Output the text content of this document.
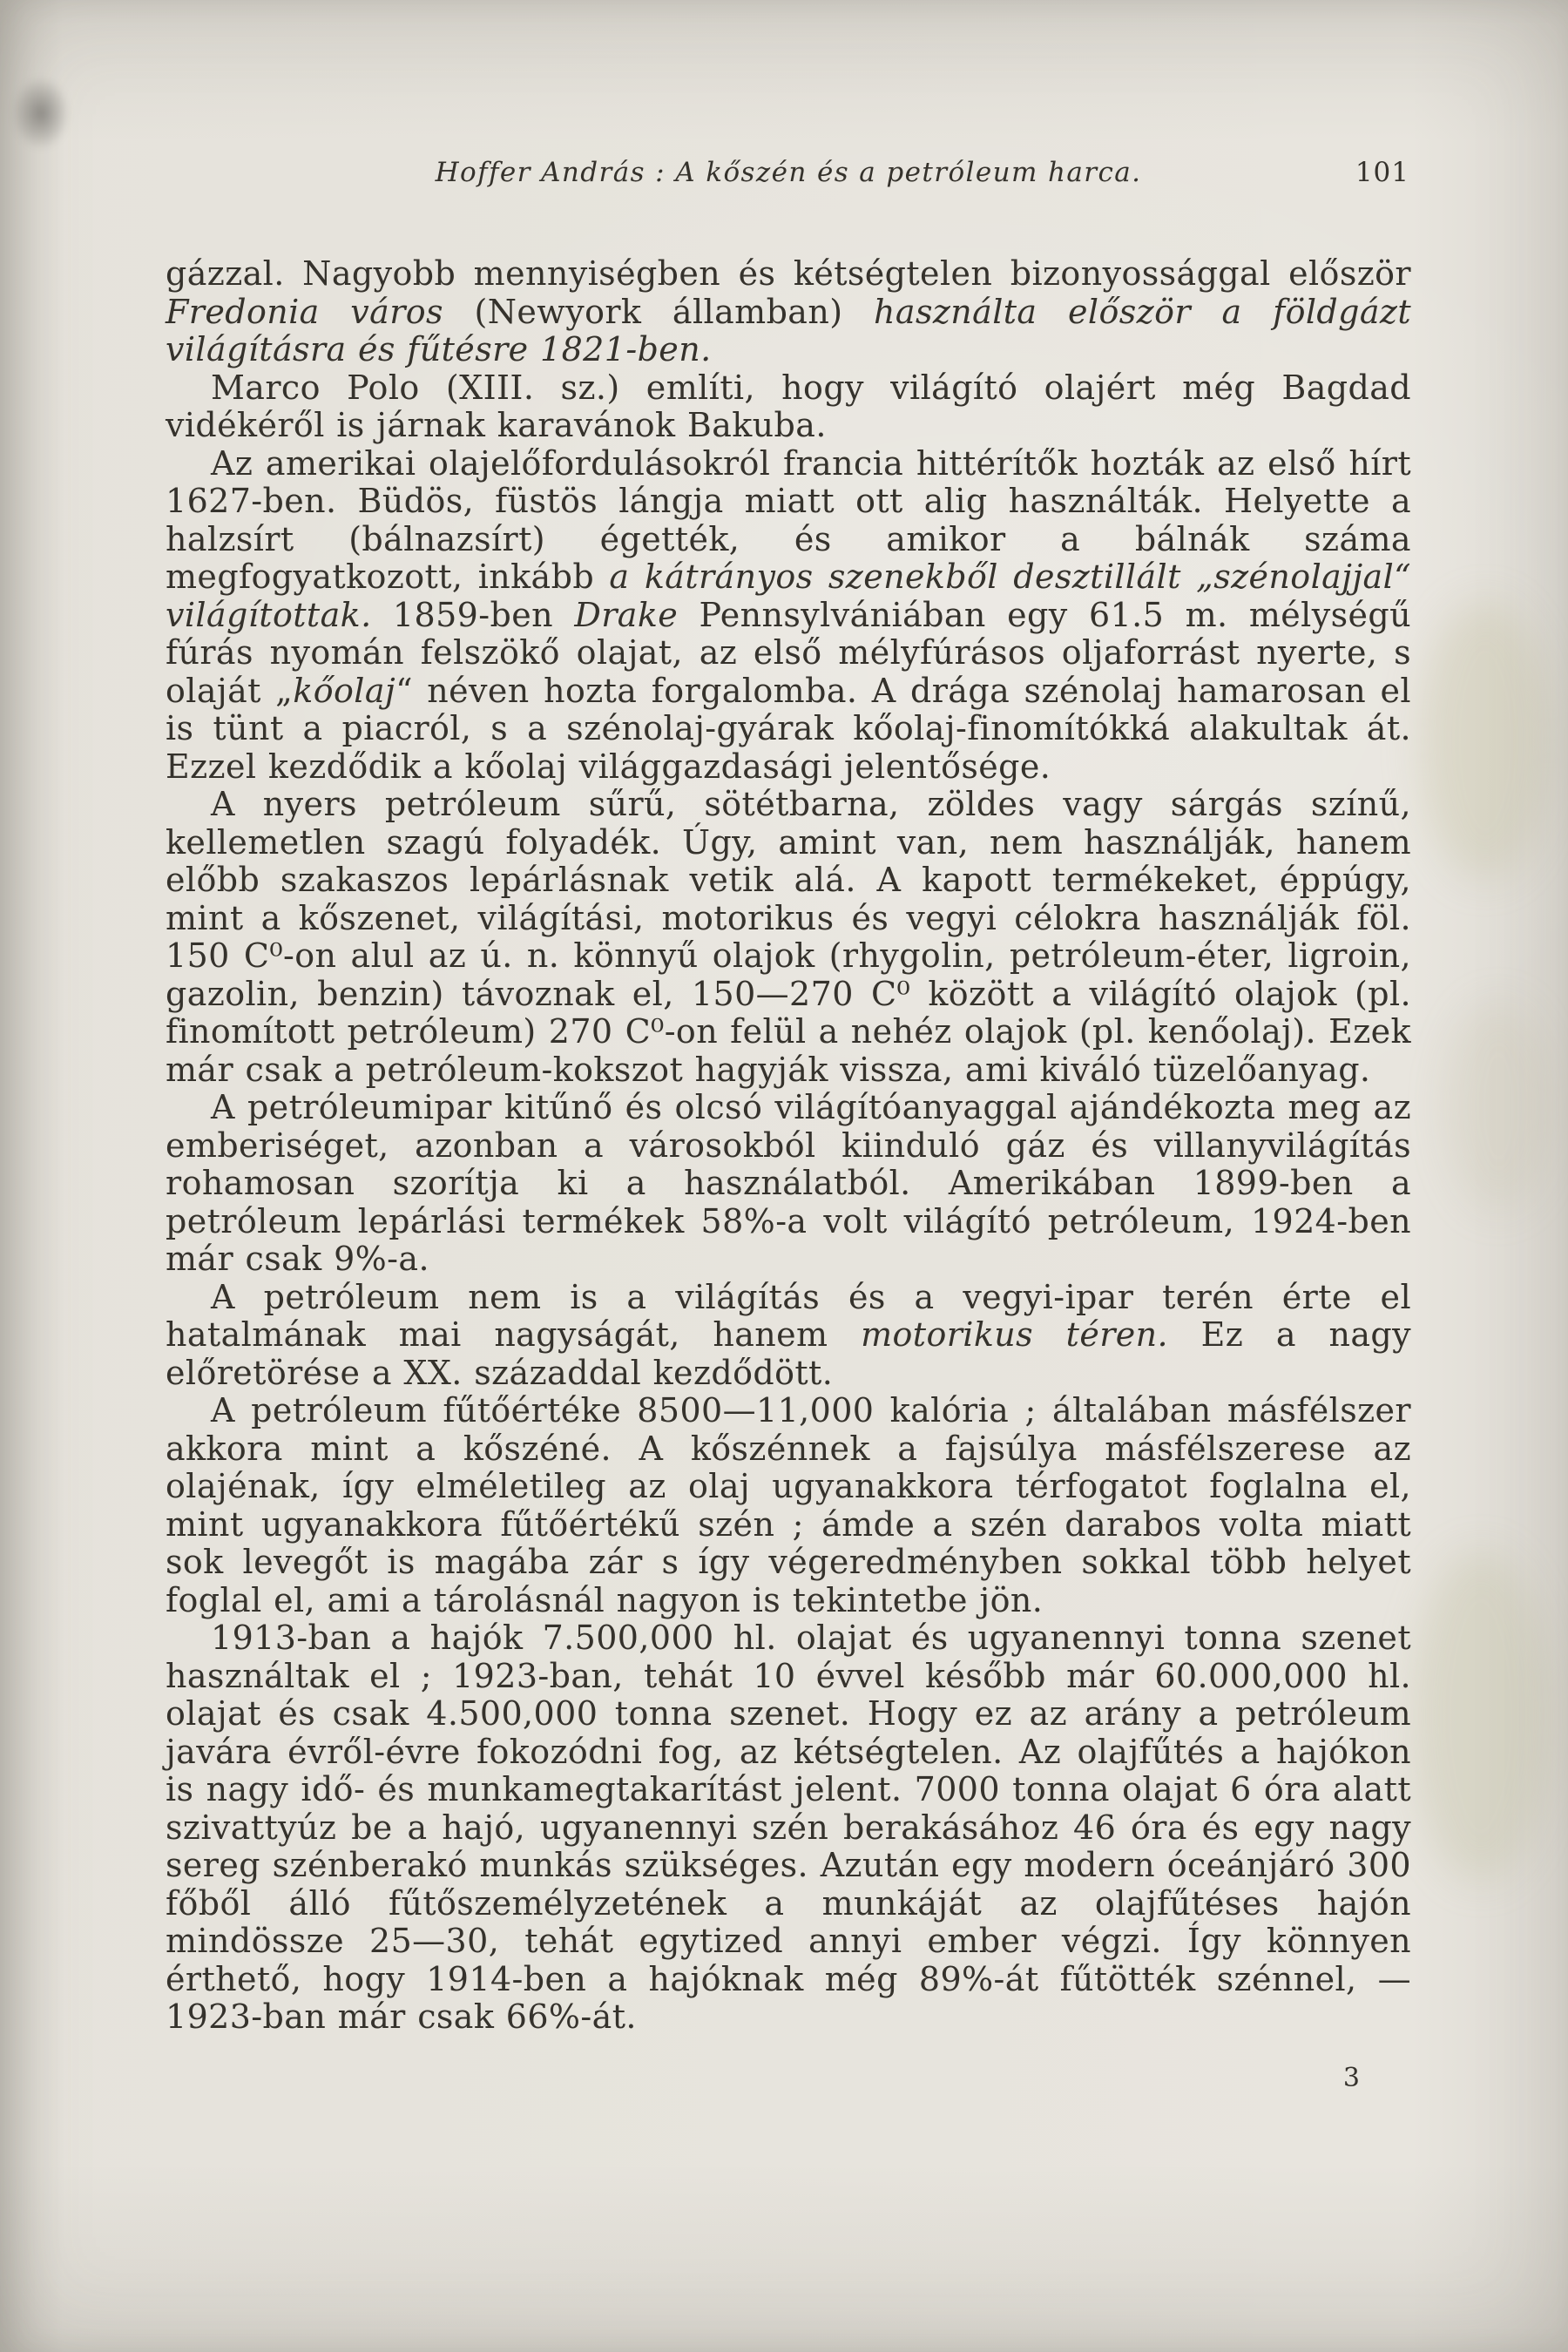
Hoffer András : A kőszén és a petróleum harca.	101

gázzal. Nagyobb mennyiségben és kétségtelen bizonyossággal először Fredonia város (Newyork államban) használta először a földgázt világításra és fűtésre 1821-ben.

Marco Polo (XIII. sz.) említi, hogy világító olajért még Bagdad vidékéről is járnak karavánok Bakuba.

Az amerikai olajelőfordulásokról francia hittérítők hozták az első hírt 1627-ben. Büdös, füstös lángja miatt ott alig használták. Helyette a halzsírt (bálnazsírt) égették, és amikor a bálnák száma megfogyatkozott, inkább a kátrányos szenekből desztillált „szénolajjal“ világítottak. 1859-ben Drake Pennsylvániában egy 61.5 m. mélységű fúrás nyomán felszökő olajat, az első mélyfúrásos oljaforrást nyerte, s olaját „kőolaj“ néven hozta forgalomba. A drága szénolaj hamarosan el is tünt a piacról, s a szénolaj-gyárak kőolaj-finomítókká alakultak át. Ezzel kezdődik a kőolaj világgazdasági jelentősége.

A nyers petróleum sűrű, sötétbarna, zöldes vagy sárgás színű, kellemetlen szagú folyadék. Úgy, amint van, nem használják, hanem előbb szakaszos lepárlásnak vetik alá. A kapott termékeket, éppúgy, mint a kőszenet, világítási, motorikus és vegyi célokra használják föl. 150 C⁰-on alul az ú. n. könnyű olajok (rhygolin, petróleum-éter, ligroin, gazolin, benzin) távoznak el, 150—270 C⁰ között a világító olajok (pl. finomított petróleum) 270 C⁰-on felül a nehéz olajok (pl. kenőolaj). Ezek már csak a petróleum-kokszot hagyják vissza, ami kiváló tüzelőanyag.

A petróleumipar kitűnő és olcsó világítóanyaggal ajándékozta meg az emberiséget, azonban a városokból kiinduló gáz és villanyvilágítás rohamosan szorítja ki a használatból. Amerikában 1899-ben a petróleum lepárlási termékek 58%-a volt világító petróleum, 1924-ben már csak 9%-a.

A petróleum nem is a világítás és a vegyi-ipar terén érte el hatalmának mai nagyságát, hanem motorikus téren. Ez a nagy előretörése a XX. századdal kezdődött.

A petróleum fűtőértéke 8500—11,000 kalória ; általában másfélszer akkora mint a kőszéné. A kőszénnek a fajsúlya másfélszerese az olajénak, így elméletileg az olaj ugyanakkora térfogatot foglalna el, mint ugyanakkora fűtőértékű szén ; ámde a szén darabos volta miatt sok levegőt is magába zár s így végeredményben sokkal több helyet foglal el, ami a tárolásnál nagyon is tekintetbe jön.

1913-ban a hajók 7.500,000 hl. olajat és ugyanennyi tonna szenet használtak el ; 1923-ban, tehát 10 évvel később már 60.000,000 hl. olajat és csak 4.500,000 tonna szenet. Hogy ez az arány a petróleum javára évről-évre fokozódni fog, az kétségtelen. Az olajfűtés a hajókon is nagy idő- és munkamegtakarítást jelent. 7000 tonna olajat 6 óra alatt szivattyúz be a hajó, ugyanennyi szén berakásához 46 óra és egy nagy sereg szénberakó munkás szükséges. Azután egy modern óceánjáró 300 főből álló fűtőszemélyzetének a munkáját az olajfűtéses hajón mindössze 25—30, tehát egytized annyi ember végzi. Így könnyen érthető, hogy 1914-ben a hajóknak még 89%-át fűtötték szénnel, — 1923-ban már csak 66%-át.

3
